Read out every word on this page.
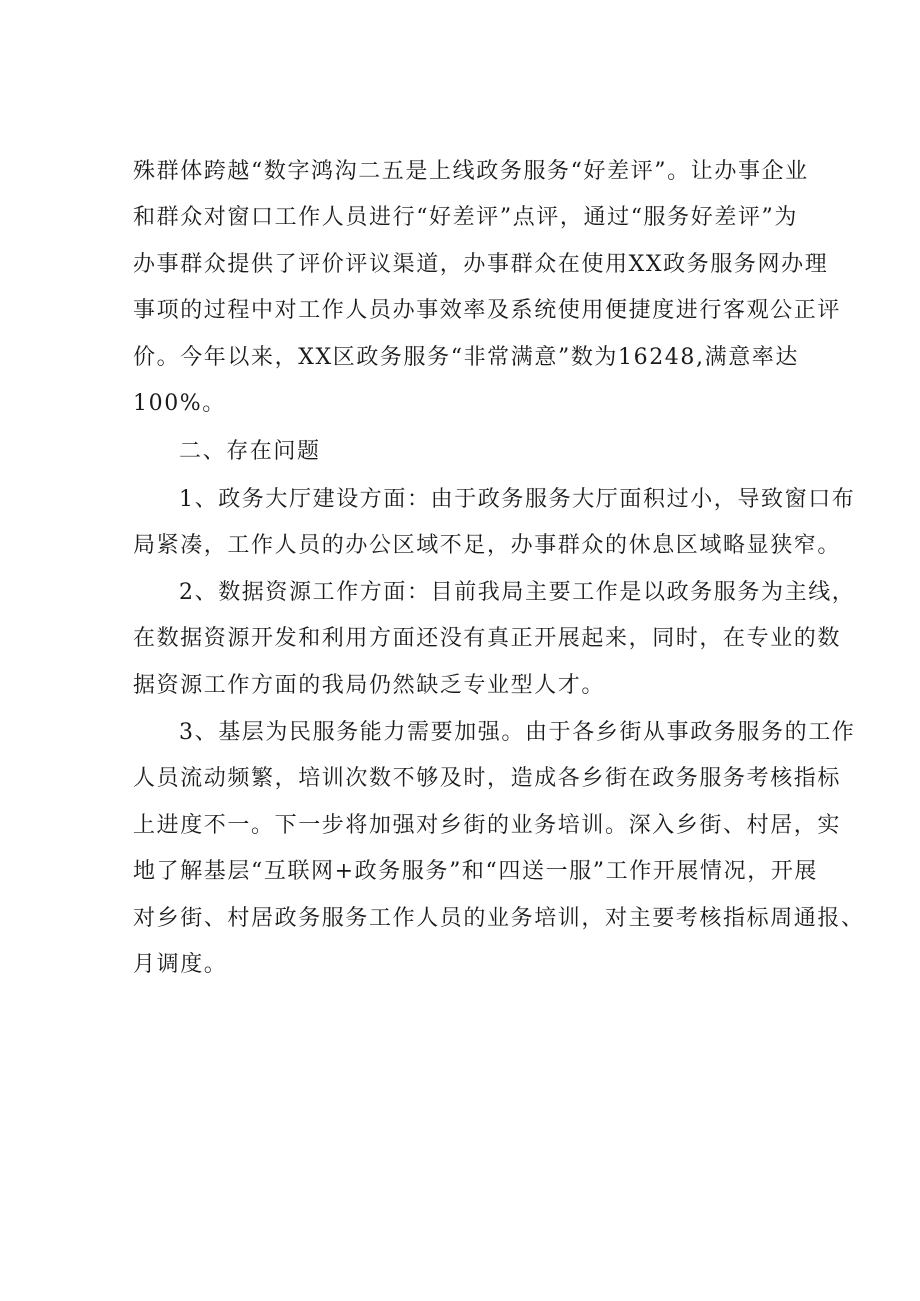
殊群体跨越“数字鸿沟二五是上线政务服务“好差评”。让办事企业
和群众对窗口工作人员进行“好差评”点评，通过“服务好差评”为
办事群众提供了评价评议渠道，办事群众在使用XX政务服务网办理
事项的过程中对工作人员办事效率及系统使用便捷度进行客观公正评
价。今年以来，XX区政务服务“非常满意”数为16248,满意率达
100%。
二、存在问题
1、政务大厅建设方面：由于政务服务大厅面积过小，导致窗口布
局紧凑，工作人员的办公区域不足，办事群众的休息区域略显狭窄。
2、数据资源工作方面：目前我局主要工作是以政务服务为主线，
在数据资源开发和利用方面还没有真正开展起来，同时，在专业的数
据资源工作方面的我局仍然缺乏专业型人才。
3、基层为民服务能力需要加强。由于各乡街从事政务服务的工作
人员流动频繁，培训次数不够及时，造成各乡街在政务服务考核指标
上进度不一。下一步将加强对乡街的业务培训。深入乡街、村居，实
地了解基层“互联网+政务服务”和“四送一服”工作开展情况，开展
对乡街、村居政务服务工作人员的业务培训，对主要考核指标周通报、
月调度。
